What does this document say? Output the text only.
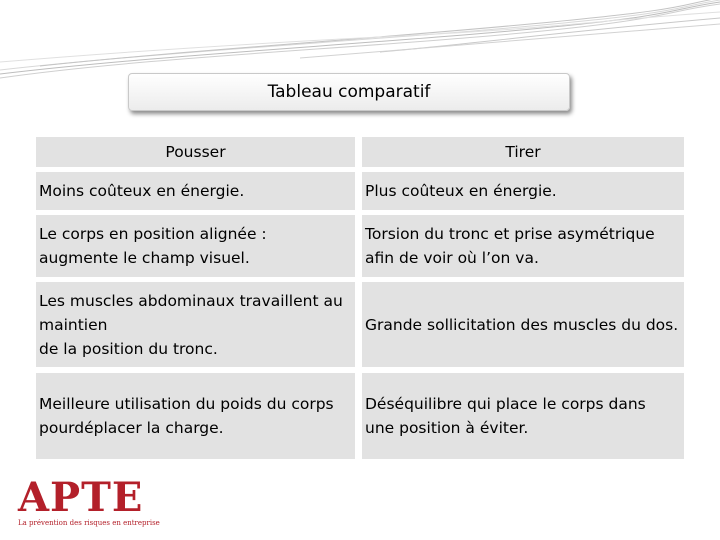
Tableau comparatif
Pousser	Tirer
Moins coûteux en énergie.	Plus coûteux en énergie.
Le corps en position alignée :
augmente le champ visuel.
Torsion du tronc et prise asymétrique
afin de voir où l’on va.
Les muscles abdominaux travaillent au
maintien
de la position du tronc.
Grande sollicitation des muscles du dos.
Meilleure utilisation du poids du corps
pourdéplacer la charge.
Déséquilibre qui place le corps dans
une position à éviter.
APTE
La prévention des risques en entreprise
